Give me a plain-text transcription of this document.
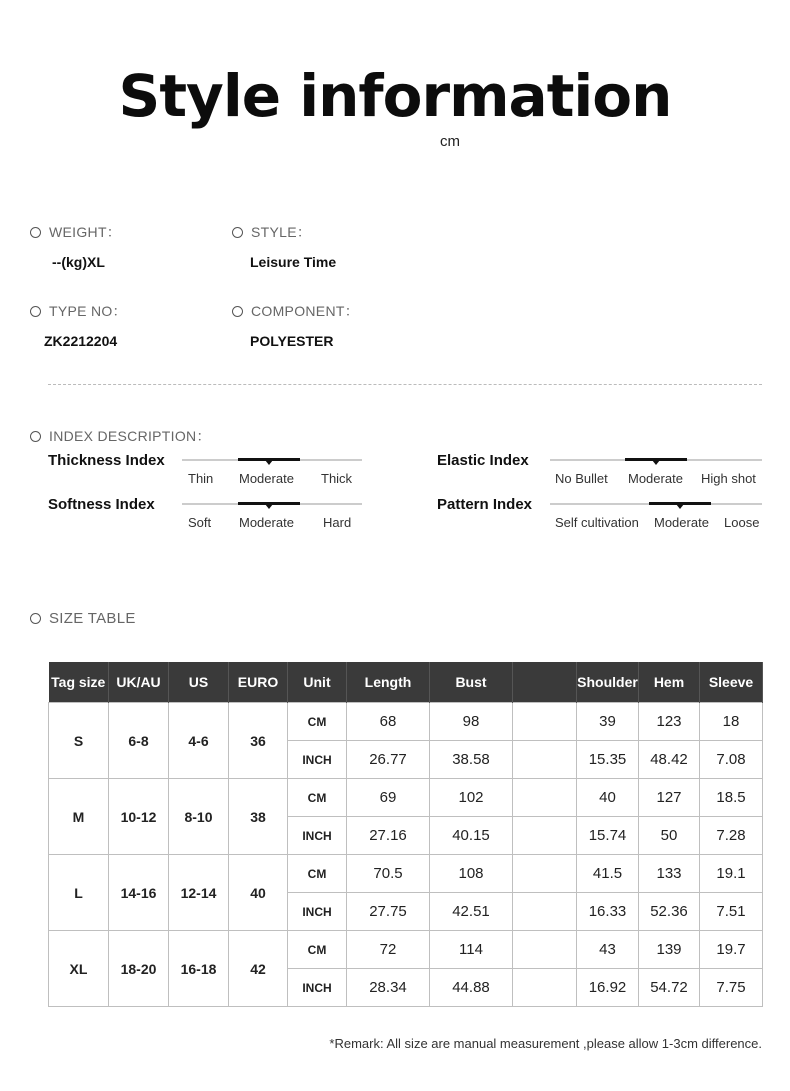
Style information
cm
WEIGHT：
--(kg)XL
STYLE：
Leisure Time
TYPE NO：
ZK2212204
COMPONENT：
POLYESTER
INDEX DESCRIPTION：
Thickness Index
Thin Moderate Thick
Softness Index
Soft Moderate Hard
Elastic Index
No Bullet Moderate High shot
Pattern Index
Self cultivation Moderate Loose
SIZE TABLE
Tag size	UK/AU	US	EURO	Unit	Length	Bust		Shoulder	Hem	Sleeve
S	6-8	4-6	36	CM	68	98		39	123	18
				INCH	26.77	38.58		15.35	48.42	7.08
M	10-12	8-10	38	CM	69	102		40	127	18.5
				INCH	27.16	40.15		15.74	50	7.28
L	14-16	12-14	40	CM	70.5	108		41.5	133	19.1
				INCH	27.75	42.51		16.33	52.36	7.51
XL	18-20	16-18	42	CM	72	114		43	139	19.7
				INCH	28.34	44.88		16.92	54.72	7.75
*Remark: All size are manual measurement ,please allow 1-3cm difference.
